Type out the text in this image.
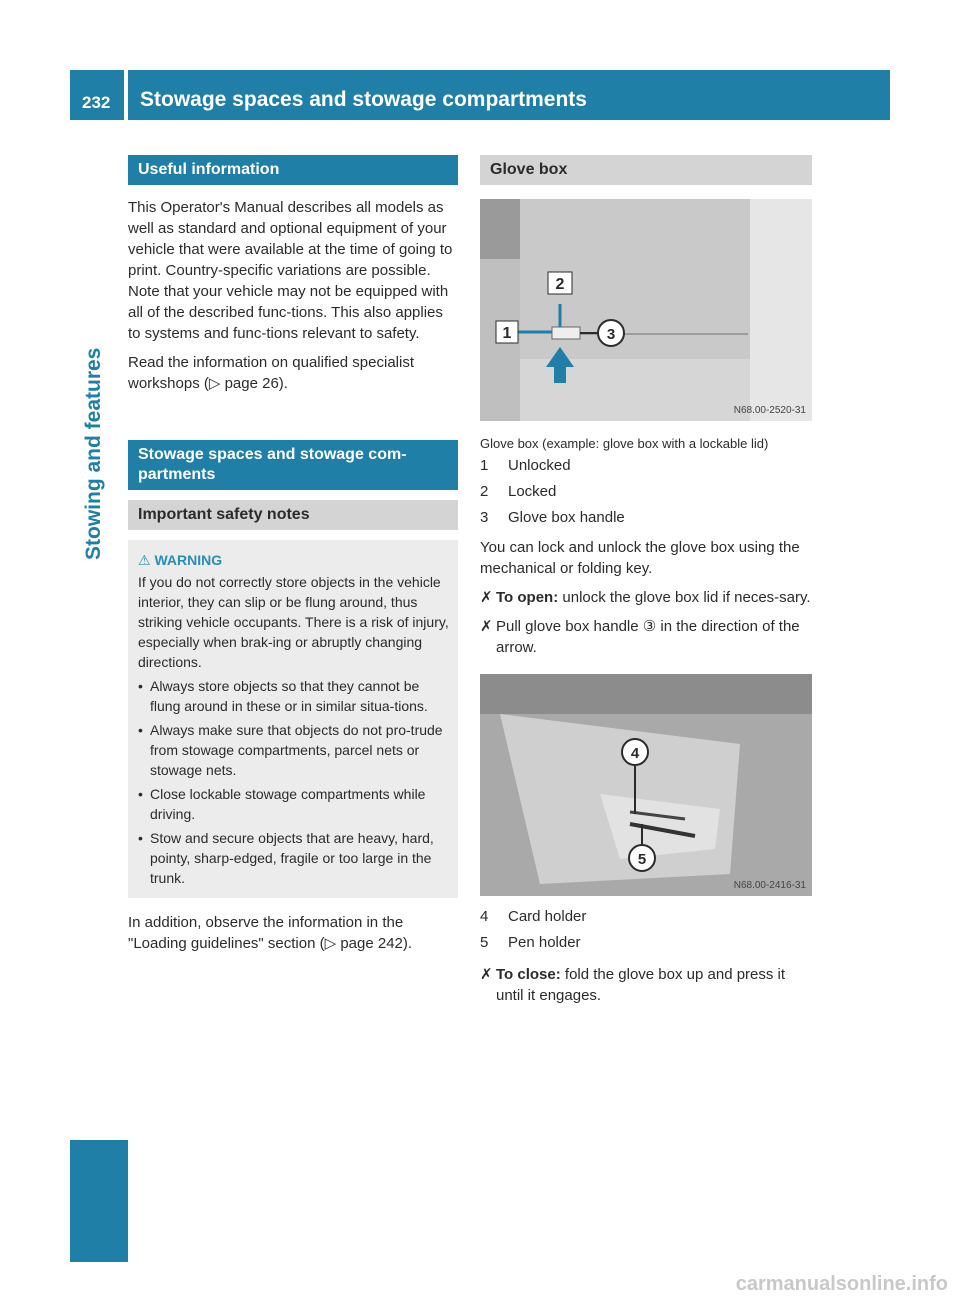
232 Stowage spaces and stowage compartments
Stowing and features
Useful information

This Operator's Manual describes all models as well as standard and optional equipment of your vehicle that were available at the time of going to print. Country-specific variations are possible. Note that your vehicle may not be equipped with all of the described func-tions. This also applies to systems and func-tions relevant to safety.

Read the information on qualified specialist workshops (▷ page 26).

Stowage spaces and stowage com-partments
Important safety notes
⚠ WARNING
If you do not correctly store objects in the vehicle interior, they can slip or be flung around, thus striking vehicle occupants. There is a risk of injury, especially when brak-ing or abruptly changing directions.
• Always store objects so that they cannot be flung around in these or in similar situa-tions.
• Always make sure that objects do not pro-trude from stowage compartments, parcel nets or stowage nets.
• Close lockable stowage compartments while driving.
• Stow and secure objects that are heavy, hard, pointy, sharp-edged, fragile or too large in the trunk.

In addition, observe the information in the "Loading guidelines" section (▷ page 242).

Glove box
2
1	3
N68.00-2520-31
Glove box (example: glove box with a lockable lid)
1	Unlocked
2	Locked
3	Glove box handle

You can lock and unlock the glove box using the mechanical or folding key.

✗ To open: unlock the glove box lid if neces-sary.
✗ Pull glove box handle ③ in the direction of the arrow.
4
5
N68.00-2416-31
4	Card holder
5	Pen holder
✗ To close: fold the glove box up and press it until it engages.
carmanualsonline.info
